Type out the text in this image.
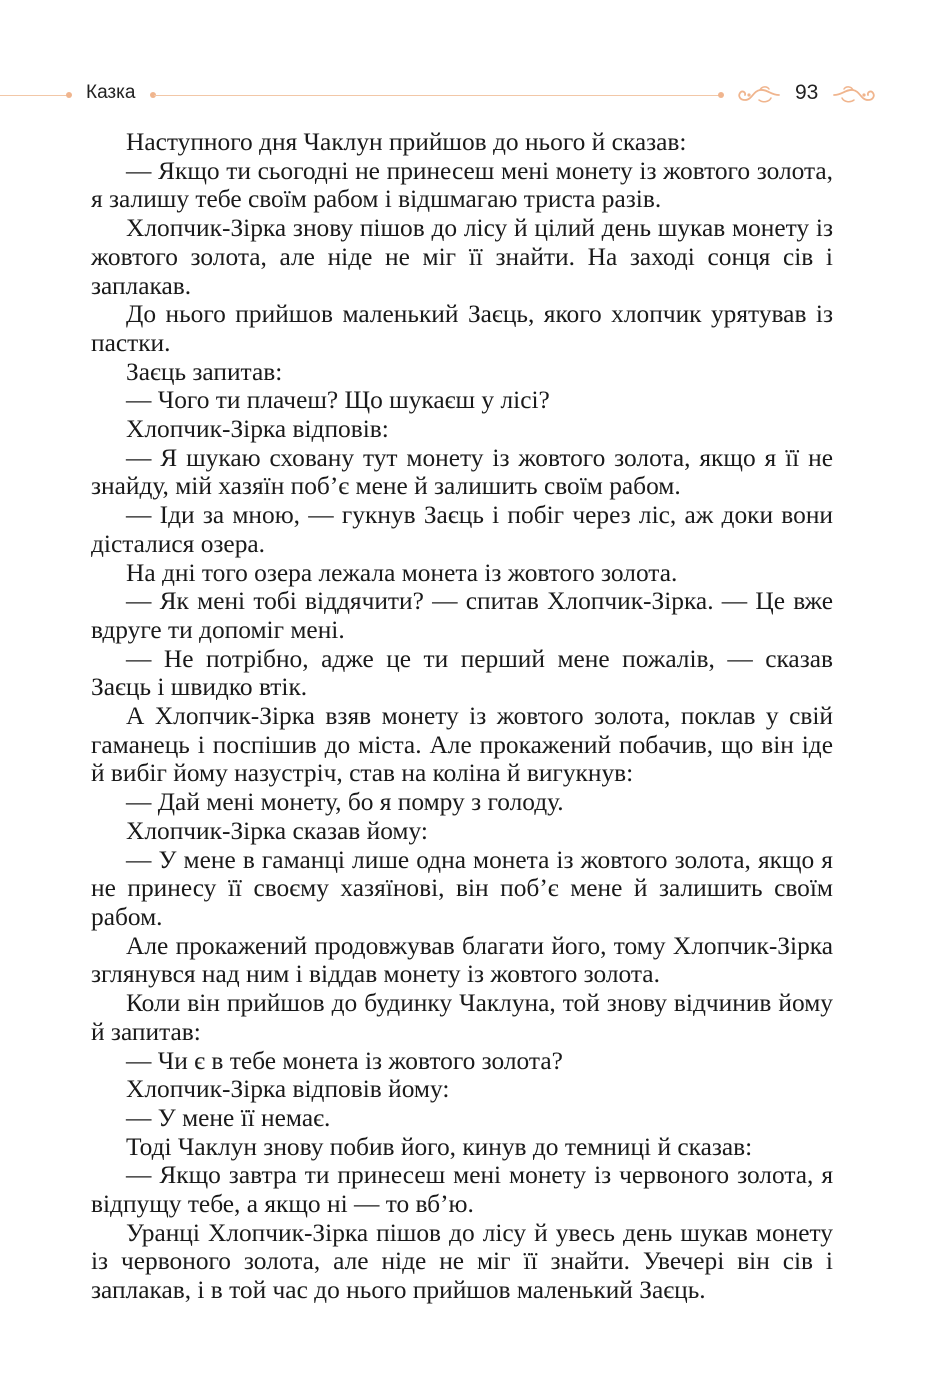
Казка	93

Наступного дня Чаклун прийшов до нього й сказав:

— Якщо ти сьогодні не принесеш мені монету із жовтого золота, я залишу тебе своїм рабом і відшмагаю триста разів.

Хлопчик-Зірка знову пішов до лісу й цілий день шукав монету із жовтого золота, але ніде не міг її знайти. На заході сонця сів і заплакав.

До нього прийшов маленький Заєць, якого хлопчик урятував із пастки.

Заєць запитав:

— Чого ти плачеш? Що шукаєш у лісі?

Хлопчик-Зірка відповів:

— Я шукаю сховану тут монету із жовтого золота, якщо я її не знайду, мій хазяїн поб’є мене й залишить своїм рабом.

— Іди за мною, — гукнув Заєць і побіг через ліс, аж доки вони дісталися озера.

На дні того озера лежала монета із жовтого золота.

— Як мені тобі віддячити? — спитав Хлопчик-Зірка. — Це вже вдруге ти допоміг мені.

— Не потрібно, адже це ти перший мене пожалів, — сказав Заєць і швидко втік.

А Хлопчик-Зірка взяв монету із жовтого золота, поклав у свій гаманець і поспішив до міста. Але прокажений побачив, що він іде й вибіг йому назустріч, став на коліна й вигукнув:

— Дай мені монету, бо я помру з голоду.

Хлопчик-Зірка сказав йому:

— У мене в гаманці лише одна монета із жовтого золота, якщо я не принесу її своєму хазяїнові, він поб’є мене й залишить своїм рабом.

Але прокажений продовжував благати його, тому Хлопчик-Зірка зглянувся над ним і віддав монету із жовтого золота.

Коли він прийшов до будинку Чаклуна, той знову відчинив йому й запитав:

— Чи є в тебе монета із жовтого золота?

Хлопчик-Зірка відповів йому:

— У мене її немає.

Тоді Чаклун знову побив його, кинув до темниці й сказав:

— Якщо завтра ти принесеш мені монету із червоного золота, я відпущу тебе, а якщо ні — то вб’ю.

Уранці Хлопчик-Зірка пішов до лісу й увесь день шукав монету із червоного золота, але ніде не міг її знайти. Увечері він сів і заплакав, і в той час до нього прийшов маленький Заєць.
